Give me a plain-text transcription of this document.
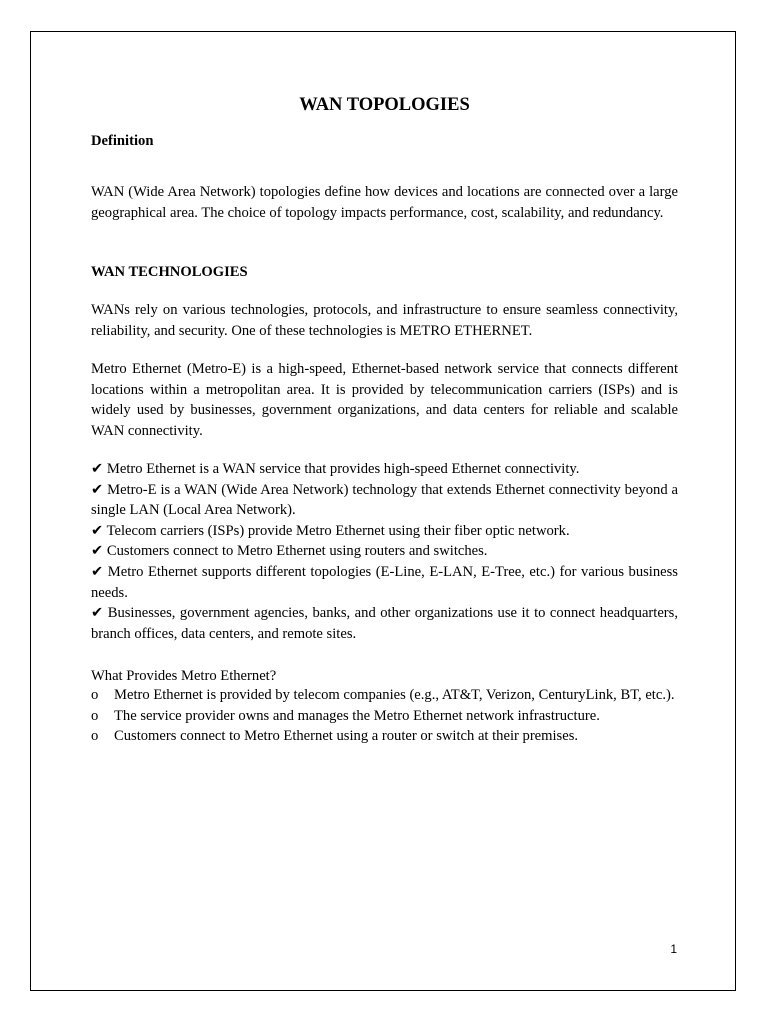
WAN TOPOLOGIES
Definition

WAN (Wide Area Network) topologies define how devices and locations are connected over a large geographical area. The choice of topology impacts performance, cost, scalability, and redundancy.

WAN TECHNOLOGIES

WANs rely on various technologies, protocols, and infrastructure to ensure seamless connectivity, reliability, and security. One of these technologies is METRO ETHERNET.

Metro Ethernet (Metro-E) is a high-speed, Ethernet-based network service that connects different locations within a metropolitan area. It is provided by telecommunication carriers (ISPs) and is widely used by businesses, government organizations, and data centers for reliable and scalable WAN connectivity.

✔ Metro Ethernet is a WAN service that provides high-speed Ethernet connectivity.
✔ Metro-E is a WAN (Wide Area Network) technology that extends Ethernet connectivity beyond a single LAN (Local Area Network).
✔ Telecom carriers (ISPs) provide Metro Ethernet using their fiber optic network.
✔ Customers connect to Metro Ethernet using routers and switches.
✔ Metro Ethernet supports different topologies (E-Line, E-LAN, E-Tree, etc.) for various business needs.
✔ Businesses, government agencies, banks, and other organizations use it to connect headquarters, branch offices, data centers, and remote sites.
What Provides Metro Ethernet?
o Metro Ethernet is provided by telecom companies (e.g., AT&T, Verizon, CenturyLink, BT, etc.).
o The service provider owns and manages the Metro Ethernet network infrastructure.
o Customers connect to Metro Ethernet using a router or switch at their premises.
1
